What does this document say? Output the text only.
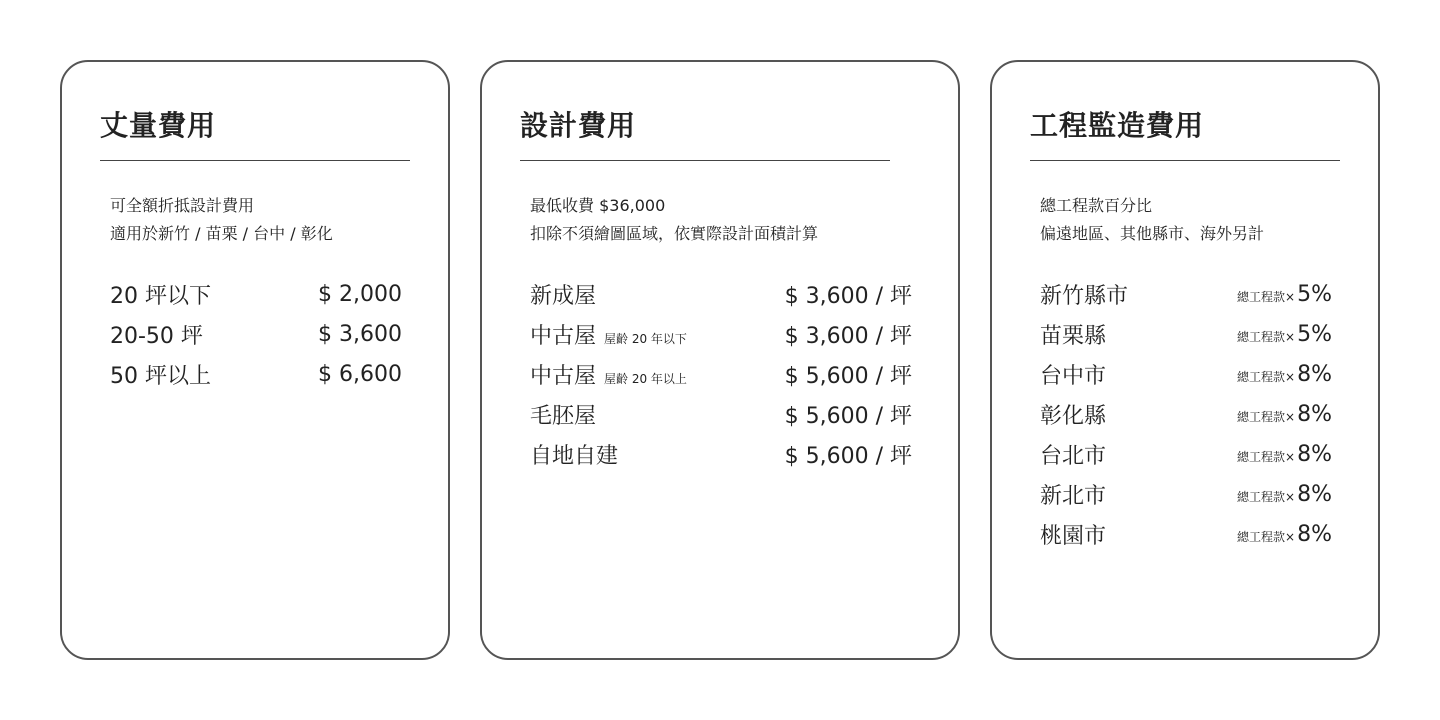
丈量費用
可全額折抵設計費用
適用於新竹 / 苗栗 / 台中 / 彰化
20 坪以下	$ 2,000
20-50 坪	$ 3,600
50 坪以上	$ 6,600
設計費用
最低收費 $36,000
扣除不須繪圖區域，依實際設計面積計算
新成屋	$ 3,600 / 坪
中古屋 屋齡 20 年以下	$ 3,600 / 坪
中古屋 屋齡 20 年以上	$ 5,600 / 坪
毛胚屋	$ 5,600 / 坪
自地自建	$ 5,600 / 坪
工程監造費用
總工程款百分比
偏遠地區、其他縣市、海外另計
新竹縣市	總工程款×5%
苗栗縣	總工程款×5%
台中市	總工程款×8%
彰化縣	總工程款×8%
台北市	總工程款×8%
新北市	總工程款×8%
桃園市	總工程款×8%
